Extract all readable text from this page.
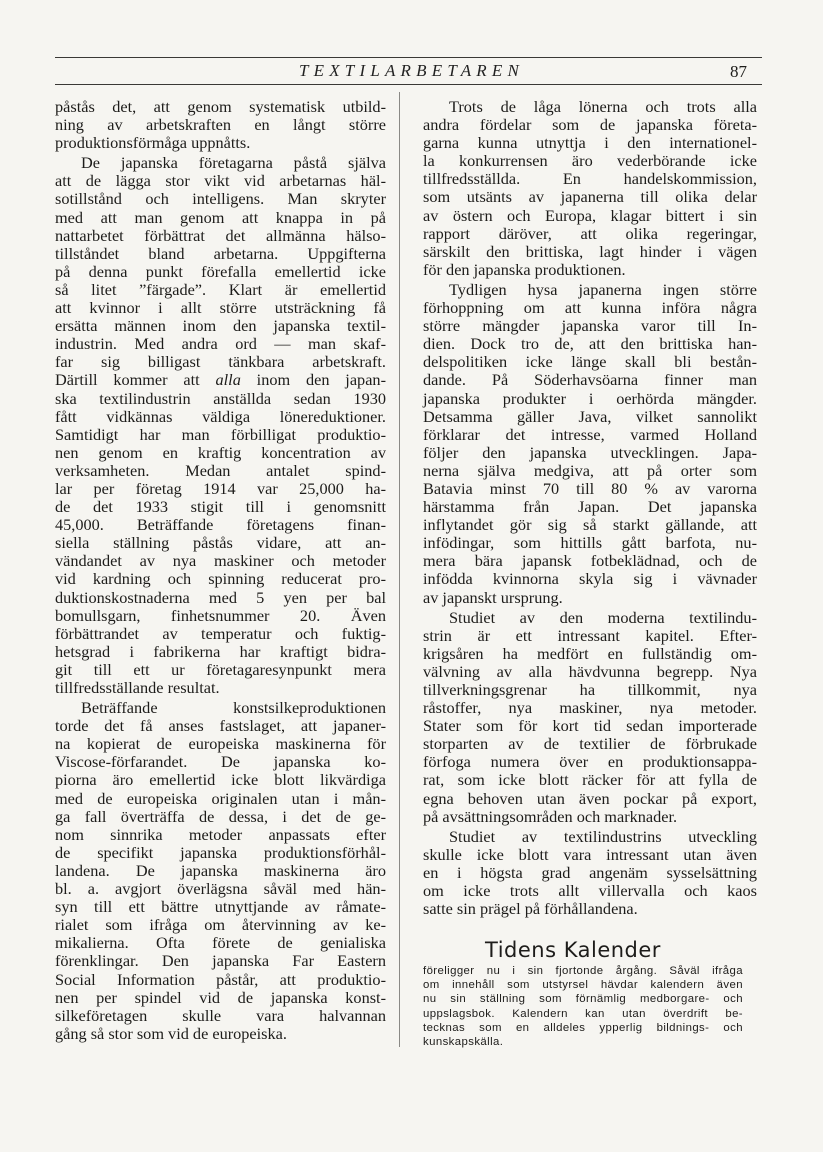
TEXTILARBETAREN	87
påstås det, att genom systematisk utbild-
ning av arbetskraften en långt större
produktionsförmåga uppnåtts.
De japanska företagarna påstå själva
att de lägga stor vikt vid arbetarnas häl-
sotillstånd och intelligens. Man skryter
med att man genom att knappa in på
nattarbetet förbättrat det allmänna hälso-
tillståndet bland arbetarna. Uppgifterna
på denna punkt förefalla emellertid icke
så litet ”färgade”. Klart är emellertid
att kvinnor i allt större utsträckning få
ersätta männen inom den japanska textil-
industrin. Med andra ord — man skaf-
far sig billigast tänkbara arbetskraft.
Därtill kommer att alla inom den japan-
ska textilindustrin anställda sedan 1930
fått vidkännas väldiga lönereduktioner.
Samtidigt har man förbilligat produktio-
nen genom en kraftig koncentration av
verksamheten. Medan antalet spind-
lar per företag 1914 var 25,000 ha-
de det 1933 stigit till i genomsnitt
45,000. Beträffande företagens finan-
siella ställning påstås vidare, att an-
vändandet av nya maskiner och metoder
vid kardning och spinning reducerat pro-
duktionskostnaderna med 5 yen per bal
bomullsgarn, finhetsnummer 20. Även
förbättrandet av temperatur och fuktig-
hetsgrad i fabrikerna har kraftigt bidra-
git till ett ur företagaresynpunkt mera
tillfredsställande resultat.
Beträffande konstsilkeproduktionen
torde det få anses fastslaget, att japaner-
na kopierat de europeiska maskinerna för
Viscose-förfarandet. De japanska ko-
piorna äro emellertid icke blott likvärdiga
med de europeiska originalen utan i mån-
ga fall överträffa de dessa, i det de ge-
nom sinnrika metoder anpassats efter
de specifikt japanska produktionsförhål-
landena. De japanska maskinerna äro
bl. a. avgjort överlägsna såväl med hän-
syn till ett bättre utnyttjande av råmate-
rialet som ifråga om återvinning av ke-
mikalierna. Ofta förete de genialiska
förenklingar. Den japanska Far Eastern
Social Information påstår, att produktio-
nen per spindel vid de japanska konst-
silkeföretagen skulle vara halvannan
gång så stor som vid de europeiska.
Trots de låga lönerna och trots alla
andra fördelar som de japanska företa-
garna kunna utnyttja i den internationel-
la konkurrensen äro vederbörande icke
tillfredsställda. En handelskommission,
som utsänts av japanerna till olika delar
av östern och Europa, klagar bittert i sin
rapport däröver, att olika regeringar,
särskilt den brittiska, lagt hinder i vägen
för den japanska produktionen.
Tydligen hysa japanerna ingen större
förhoppning om att kunna införa några
större mängder japanska varor till In-
dien. Dock tro de, att den brittiska han-
delspolitiken icke länge skall bli bestån-
dande. På Söderhavsöarna finner man
japanska produkter i oerhörda mängder.
Detsamma gäller Java, vilket sannolikt
förklarar det intresse, varmed Holland
följer den japanska utvecklingen. Japa-
nerna själva medgiva, att på orter som
Batavia minst 70 till 80 % av varorna
härstamma från Japan. Det japanska
inflytandet gör sig så starkt gällande, att
infödingar, som hittills gått barfota, nu-
mera bära japansk fotbeklädnad, och de
infödda kvinnorna skyla sig i vävnader
av japanskt ursprung.
Studiet av den moderna textilindu-
strin är ett intressant kapitel. Efter-
krigsåren ha medfört en fullständig om-
välvning av alla hävdvunna begrepp. Nya
tillverkningsgrenar ha tillkommit, nya
råstoffer, nya maskiner, nya metoder.
Stater som för kort tid sedan importerade
storparten av de textilier de förbrukade
förfoga numera över en produktionsappa-
rat, som icke blott räcker för att fylla de
egna behoven utan även pockar på export,
på avsättningsområden och marknader.
Studiet av textilindustrins utveckling
skulle icke blott vara intressant utan även
en i högsta grad angenäm sysselsättning
om icke trots allt villervalla och kaos
satte sin prägel på förhållandena.
Tidens Kalender
föreligger nu i sin fjortonde årgång. Såväl ifråga
om innehåll som utstyrsel hävdar kalendern även
nu sin ställning som förnämlig medborgare- och
uppslagsbok. Kalendern kan utan överdrift be-
tecknas som en alldeles ypperlig bildnings- och
kunskapskälla.
